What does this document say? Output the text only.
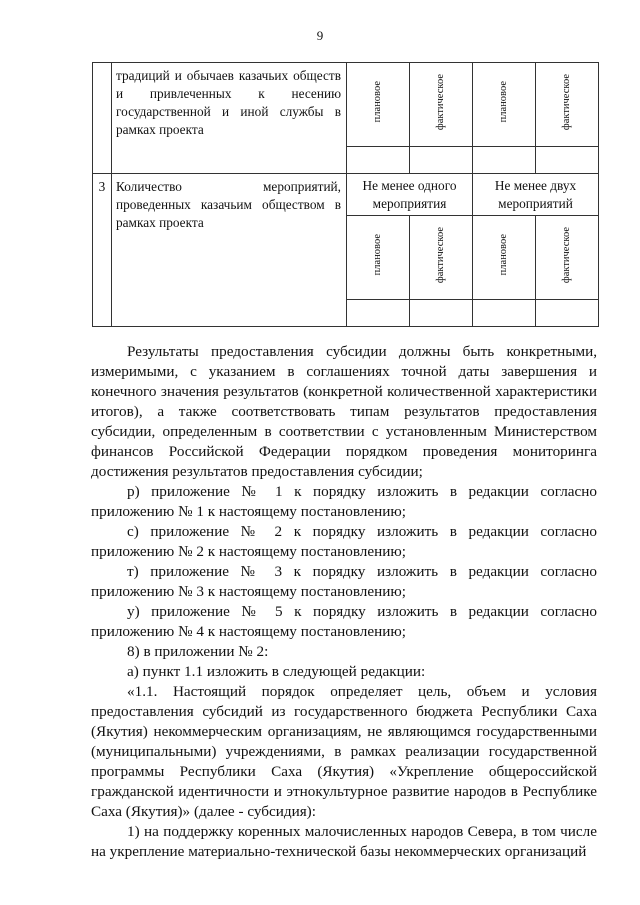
9
	традиций и обычаев казачьих обществ и привлеченных к несению государственной и иной службы в рамках проекта	плановое	фактическое	плановое	фактическое

3	Количество мероприятий, проведенных казачьим обществом в рамках проекта	Не менее одного мероприятия		Не менее двух мероприятий	
		плановое	фактическое	плановое	фактическое

Результаты предоставления субсидии должны быть конкретными, измеримыми, с указанием в соглашениях точной даты завершения и конечного значения результатов (конкретной количественной характеристики итогов), а также соответствовать типам результатов предоставления субсидии, определенным в соответствии с установленным Министерством финансов Российской Федерации порядком проведения мониторинга достижения результатов предоставления субсидии;

р) приложение № 1 к порядку изложить в редакции согласно приложению № 1 к настоящему постановлению;

с) приложение № 2 к порядку изложить в редакции согласно приложению № 2 к настоящему постановлению;

т) приложение № 3 к порядку изложить в редакции согласно приложению № 3 к настоящему постановлению;

у) приложение № 5 к порядку изложить в редакции согласно приложению № 4 к настоящему постановлению;

8) в приложении № 2:

а) пункт 1.1 изложить в следующей редакции:

«1.1. Настоящий порядок определяет цель, объем и условия предоставления субсидий из государственного бюджета Республики Саха (Якутия) некоммерческим организациям, не являющимся государственными (муниципальными) учреждениями, в рамках реализации государственной программы Республики Саха (Якутия) «Укрепление общероссийской гражданской идентичности и этнокультурное развитие народов в Республике Саха (Якутия)» (далее - субсидия):

1) на поддержку коренных малочисленных народов Севера, в том числе на укрепление материально-технической базы некоммерческих организаций
